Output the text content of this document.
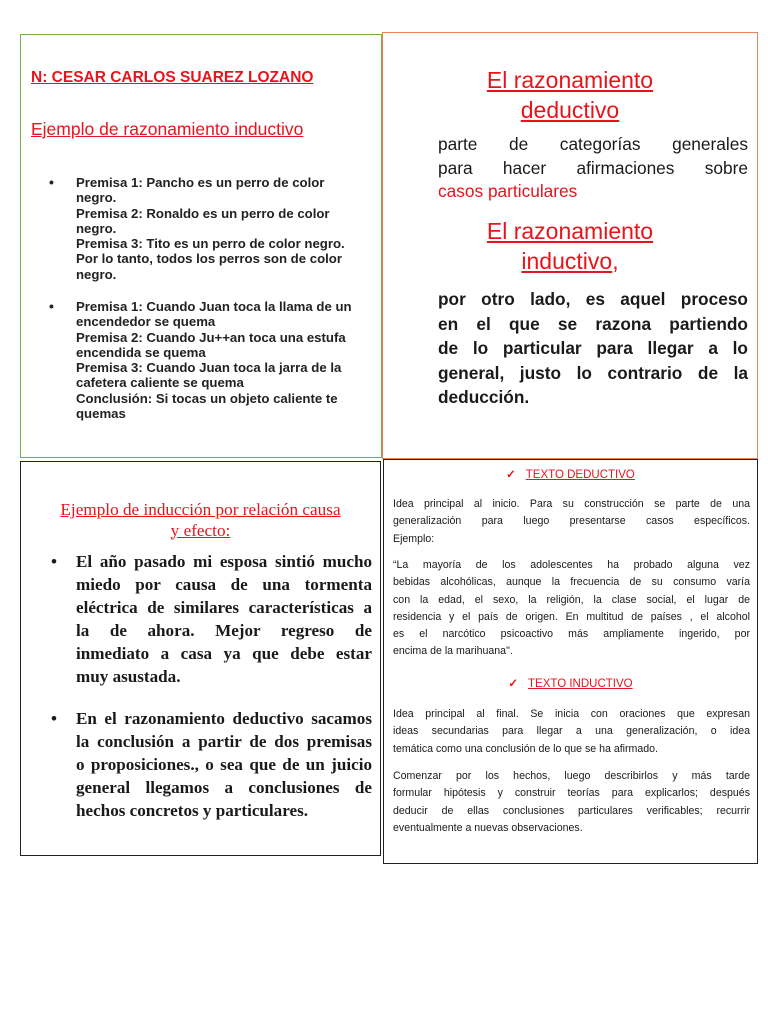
N: CESAR CARLOS SUAREZ LOZANO
Ejemplo de razonamiento inductivo
• Premisa 1: Pancho es un perro de color
negro.
Premisa 2: Ronaldo es un perro de color
negro.
Premisa 3: Tito es un perro de color negro.
Por lo tanto, todos los perros son de color
negro.
• Premisa 1: Cuando Juan toca la llama de un
encendedor se quema
Premisa 2: Cuando Ju++an toca una estufa
encendida se quema
Premisa 3: Cuando Juan toca la jarra de la
cafetera caliente se quema
Conclusión: Si tocas un objeto caliente te
quemas
El razonamiento
deductivo
parte de categorías generales
para hacer afirmaciones sobre
casos particulares
El razonamiento
inductivo,
por otro lado, es aquel proceso
en el que se razona partiendo
de lo particular para llegar a lo
general, justo lo contrario de la
deducción.
Ejemplo de inducción por relación causa
y efecto:
• El año pasado mi esposa sintió mucho
miedo por causa de una tormenta
eléctrica de similares características a
la de ahora. Mejor regreso de
inmediato a casa ya que debe estar
muy asustada.
• En el razonamiento deductivo sacamos
la conclusión a partir de dos premisas
o proposiciones., o sea que de un juicio
general llegamos a conclusiones de
hechos concretos y particulares.
✓ TEXTO DEDUCTIVO
Idea principal al inicio. Para su construcción se parte de una
generalización para luego presentarse casos específicos.
Ejemplo:
“La mayoría de los adolescentes ha probado alguna vez
bebidas alcohólicas, aunque la frecuencia de su consumo varía
con la edad, el sexo, la religión, la clase social, el lugar de
residencia y el país de origen. En multitud de países , el alcohol
es el narcótico psicoactivo más ampliamente ingerido, por
encima de la marihuana".
✓ TEXTO INDUCTIVO
Idea principal al final. Se inicia con oraciones que expresan
ideas secundarias para llegar a una generalización, o idea
temática como una conclusión de lo que se ha afirmado.
Comenzar por los hechos, luego describirlos y más tarde
formular hipótesis y construir teorías para explicarlos; después
deducir de ellas conclusiones particulares verificables; recurrir
eventualmente a nuevas observaciones.
